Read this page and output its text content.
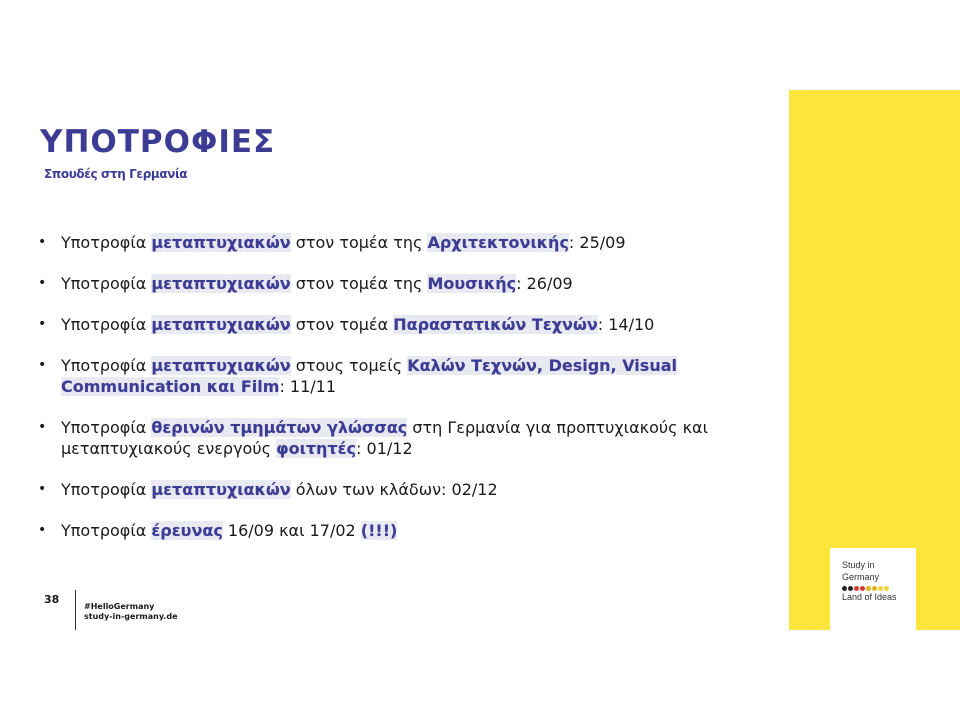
ΥΠΟΤΡΟΦΙΕΣ
Σπουδές στη Γερμανία
• Υποτροφία μεταπτυχιακών στον τομέα της Αρχιτεκτονικής: 25/09
• Υποτροφία μεταπτυχιακών στον τομέα της Μουσικής: 26/09
• Υποτροφία μεταπτυχιακών στον τομέα Παραστατικών Τεχνών: 14/10
• Υποτροφία μεταπτυχιακών στους τομείς Καλών Τεχνών, Design, Visual Communication και Film: 11/11
• Υποτροφία θερινών τμημάτων γλώσσας στη Γερμανία για προπτυχιακούς και μεταπτυχιακούς ενεργούς φοιτητές: 01/12
• Υποτροφία μεταπτυχιακών όλων των κλάδων: 02/12
• Υποτροφία έρευνας 16/09 και 17/02 (!!!)
38
#HelloGermany
study-in-germany.de
Study in
Germany
Land of Ideas
